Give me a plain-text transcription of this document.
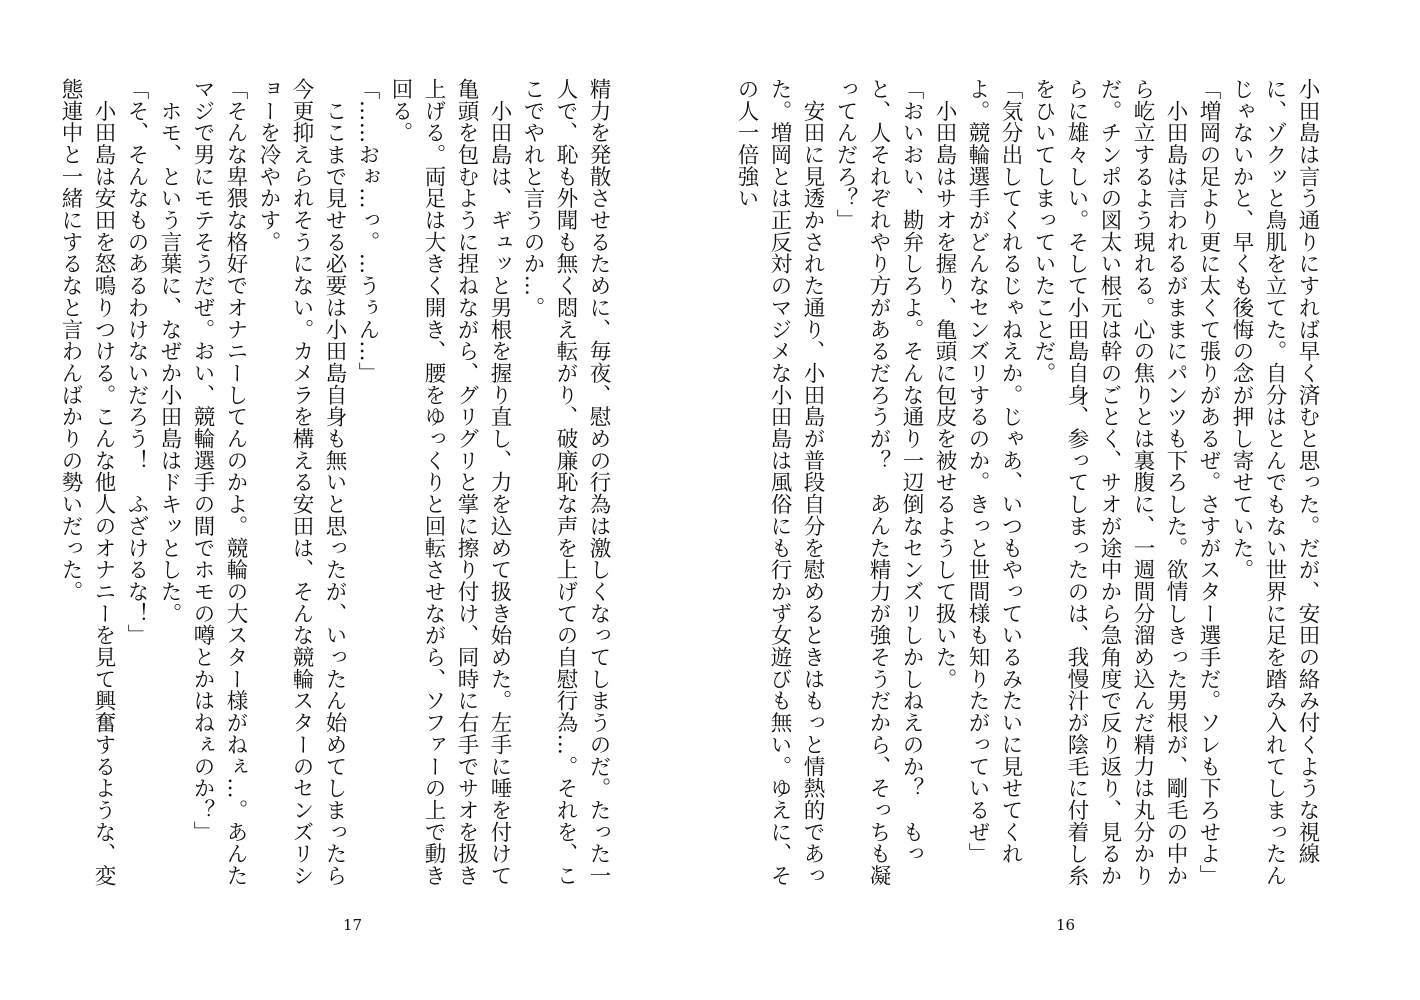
小田島は言う通りにすれば早く済むと思った。だが、安田の絡み付くような視線に、ゾクッと鳥肌を立てた。自分はとんでもない世界に足を踏み入れてしまったんじゃないかと、早くも後悔の念が押し寄せていた。

「増岡の足より更に太くて張りがあるぜ。さすがスター選手だ。ソレも下ろせよ」

　小田島は言われるがままにパンツも下ろした。欲情しきった男根が、剛毛の中から屹立するよう現れる。心の焦りとは裏腹に、一週間分溜め込んだ精力は丸分かりだ。チンポの図太い根元は幹のごとく、サオが途中から急角度で反り返り、見るからに雄々しい。そして小田島自身、参ってしまったのは、我慢汁が陰毛に付着し糸をひいてしまっていたことだ。

「気分出してくれるじゃねえか。じゃあ、いつもやっているみたいに見せてくれよ。競輪選手がどんなセンズリするのか。きっと世間様も知りたがっているぜ」

　小田島はサオを握り、亀頭に包皮を被せるようして扱いた。

「おいおい、勘弁しろよ。そんな通り一辺倒なセンズリしかしねえのか？　もっと、人それぞれやり方があるだろうが？　あんた精力が強そうだから、そっちも凝ってんだろ？」

　安田に見透かされた通り、小田島が普段自分を慰めるときはもっと情熱的であった。増岡とは正反対のマジメな小田島は風俗にも行かず女遊びも無い。ゆえに、その人一倍強い

16

精力を発散させるために、毎夜、慰めの行為は激しくなってしまうのだ。たった一人で、恥も外聞も無く悶え転がり、破廉恥な声を上げての自慰行為…。それを、ここでやれと言うのか…。

　小田島は、ギュッと男根を握り直し、力を込めて扱き始めた。左手に唾を付けて亀頭を包むように捏ねながら、グリグリと掌に擦り付け、同時に右手でサオを扱き上げる。両足は大きく開き、腰をゆっくりと回転させながら、ソファーの上で動き回る。

「……おぉ…っ。…うぅん…」

　ここまで見せる必要は小田島自身も無いと思ったが、いったん始めてしまったら今更抑えられそうにない。カメラを構える安田は、そんな競輪スターのセンズリショーを冷やかす。

「そんな卑猥な格好でオナニーしてんのかよ。競輪の大スター様がねぇ…。あんたマジで男にモテそうだぜ。おい、競輪選手の間でホモの噂とかはねぇのか？」

　ホモ、という言葉に、なぜか小田島はドキッとした。

「そ、そんなものあるわけないだろう！　ふざけるな！」

　小田島は安田を怒鳴りつける。こんな他人のオナニーを見て興奮するような、変態連中と一緒にするなと言わんばかりの勢いだった。

17
